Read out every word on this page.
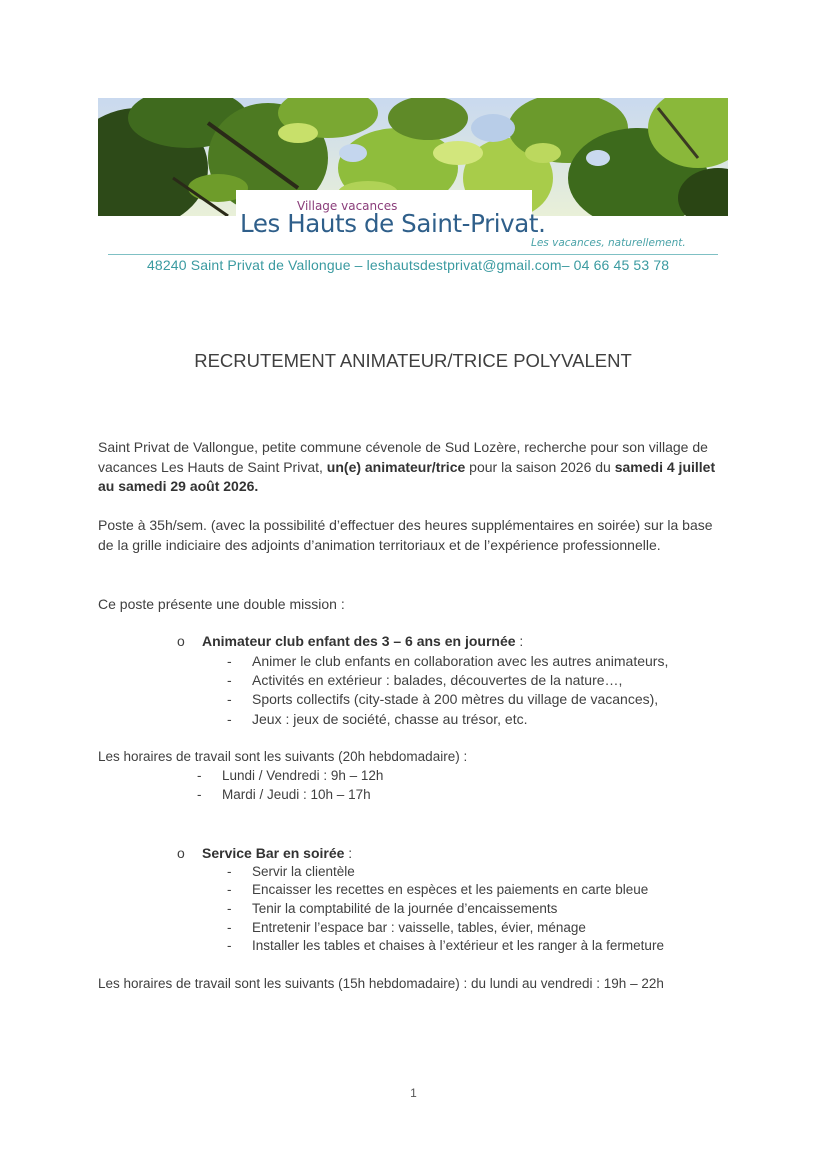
Village vacances
Les Hauts de Saint-Privat.
Les vacances, naturellement.
48240 Saint Privat de Vallongue – leshautsdestprivat@gmail.com– 04 66 45 53 78
RECRUTEMENT ANIMATEUR/TRICE POLYVALENT
Saint Privat de Vallongue, petite commune cévenole de Sud Lozère, recherche pour son village de vacances Les Hauts de Saint Privat, un(e) animateur/trice pour la saison 2026 du samedi 4 juillet au samedi 29 août 2026.
Poste à 35h/sem. (avec la possibilité d’effectuer des heures supplémentaires en soirée) sur la base de la grille indiciaire des adjoints d’animation territoriaux et de l’expérience professionnelle.
Ce poste présente une double mission :
o Animateur club enfant des 3 – 6 ans en journée :
- Animer le club enfants en collaboration avec les autres animateurs,
- Activités en extérieur : balades, découvertes de la nature…,
- Sports collectifs (city-stade à 200 mètres du village de vacances),
- Jeux : jeux de société, chasse au trésor, etc.
Les horaires de travail sont les suivants (20h hebdomadaire) :
- Lundi / Vendredi : 9h – 12h
- Mardi / Jeudi : 10h – 17h
o Service Bar en soirée :
- Servir la clientèle
- Encaisser les recettes en espèces et les paiements en carte bleue
- Tenir la comptabilité de la journée d’encaissements
- Entretenir l’espace bar : vaisselle, tables, évier, ménage
- Installer les tables et chaises à l’extérieur et les ranger à la fermeture
Les horaires de travail sont les suivants (15h hebdomadaire) : du lundi au vendredi : 19h – 22h
1
